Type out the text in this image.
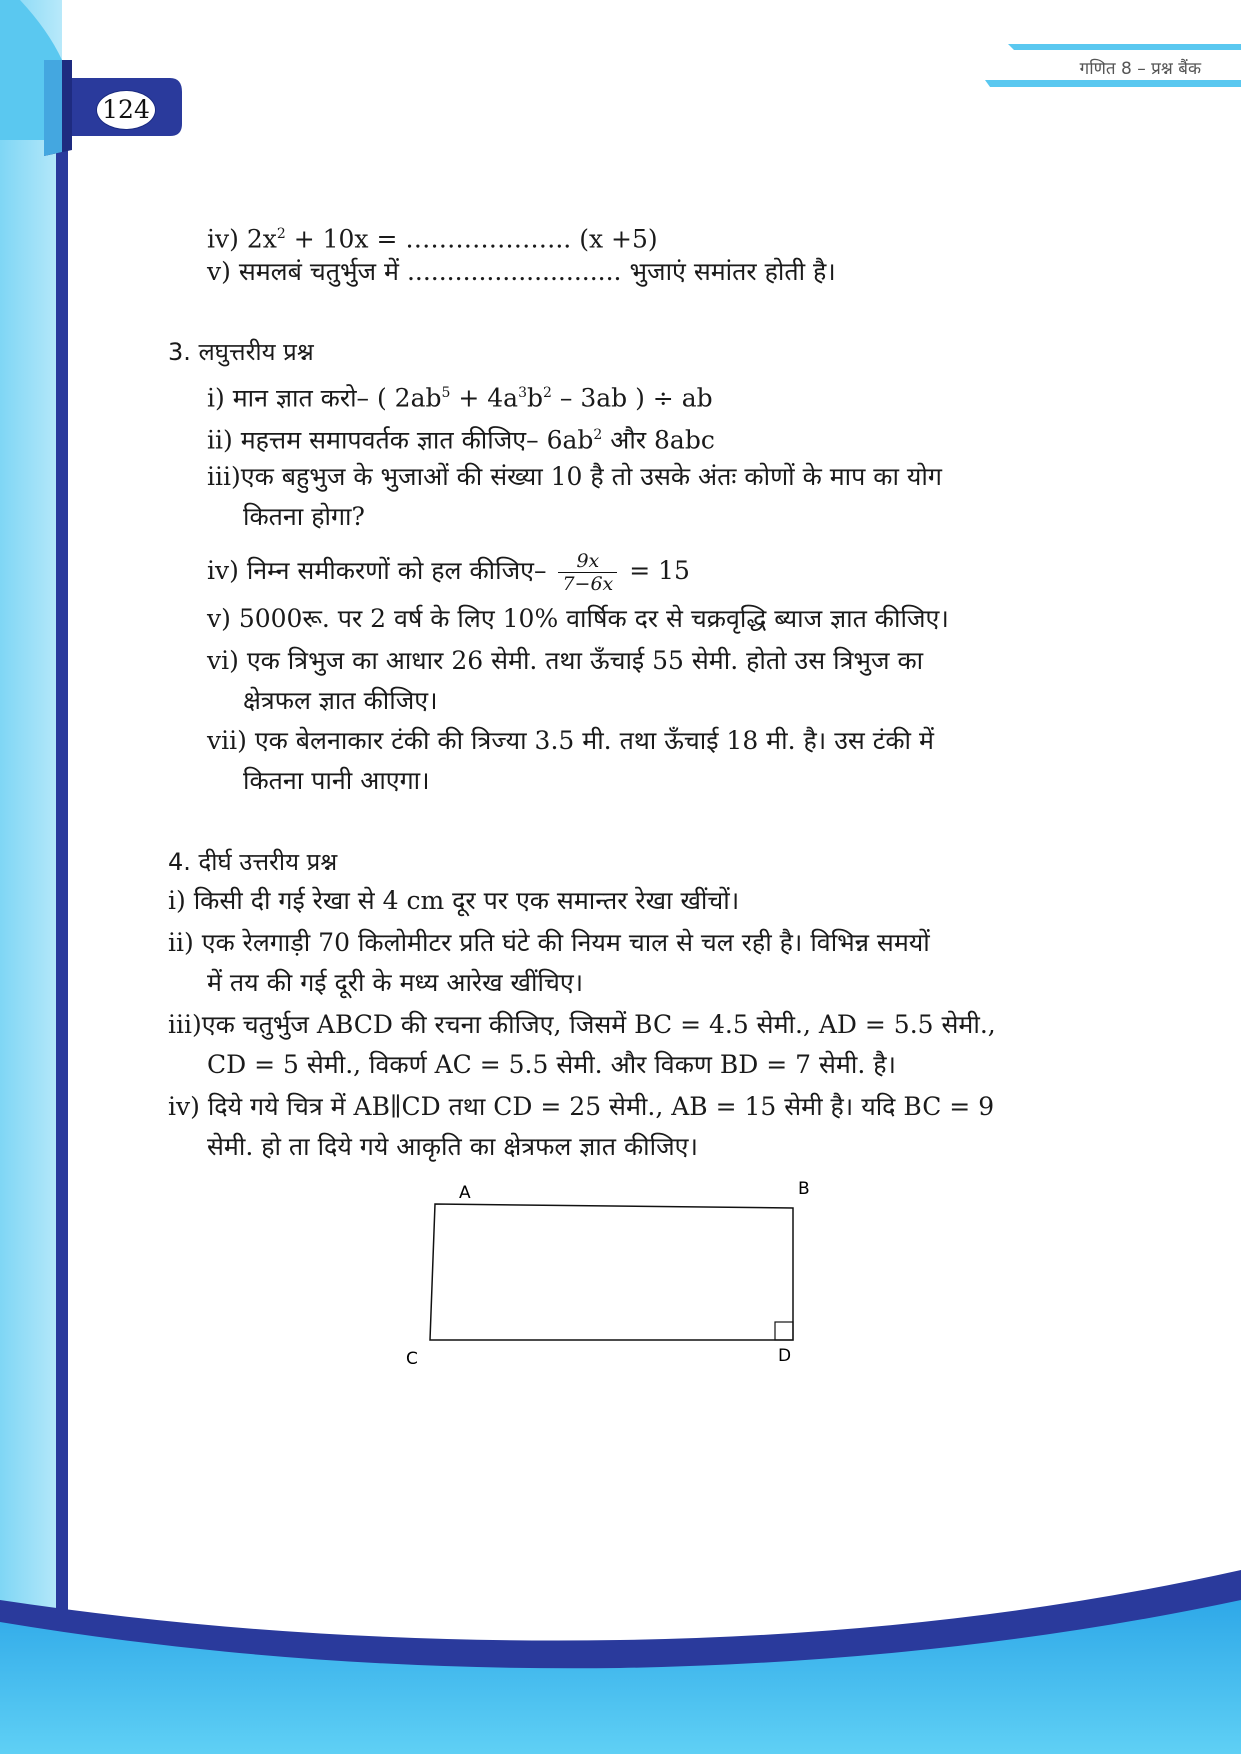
गणित 8 – प्रश्न बैंक
124
iv) $2x^2 + 10x$ = ……………….. (x +5)
v) समलबं चतुर्भुज में ........................... भुजाएं समांतर होती है।
3. लघुत्तरीय प्रश्न
i) मान ज्ञात करो– ( $2ab^5 + 4a^3b^2 - 3ab$ ) ÷ ab
ii) महत्तम समापवर्तक ज्ञात कीजिए– $6ab^2$ और 8abc
iii)एक बहुभुज के भुजाओं की संख्या 10 है तो उसके अंतः कोणों के माप का योग
कितना होगा?
iv) निम्न समीकरणों को हल कीजिए– $\frac{9x}{7-6x} = 15$
v) 5000रू. पर 2 वर्ष के लिए 10% वार्षिक दर से चक्रवृद्धि ब्याज ज्ञात कीजिए।
vi) एक त्रिभुज का आधार 26 सेमी. तथा ऊँचाई 55 सेमी. होतो उस त्रिभुज का
क्षेत्रफल ज्ञात कीजिए।
vii) एक बेलनाकार टंकी की त्रिज्या 3.5 मी. तथा ऊँचाई 18 मी. है। उस टंकी में
कितना पानी आएगा।
4. दीर्घ उत्तरीय प्रश्न
i) किसी दी गई रेखा से 4 cm दूर पर एक समान्तर रेखा खींचों।
ii) एक रेलगाड़ी 70 किलोमीटर प्रति घंटे की नियम चाल से चल रही है। विभिन्न समयों
में तय की गई दूरी के मध्य आरेख खींचिए।
iii)एक चतुर्भुज ABCD की रचना कीजिए, जिसमें BC = 4.5 सेमी., AD = 5.5 सेमी.,
CD = 5 सेमी., विकर्ण AC = 5.5 सेमी. और विकण BD = 7 सेमी. है।
iv) दिये गये चित्र में AB∥CD तथा CD = 25 सेमी., AB = 15 सेमी है। यदि BC = 9
सेमी. हो ता दिये गये आकृति का क्षेत्रफल ज्ञात कीजिए।
A	B
C	D
